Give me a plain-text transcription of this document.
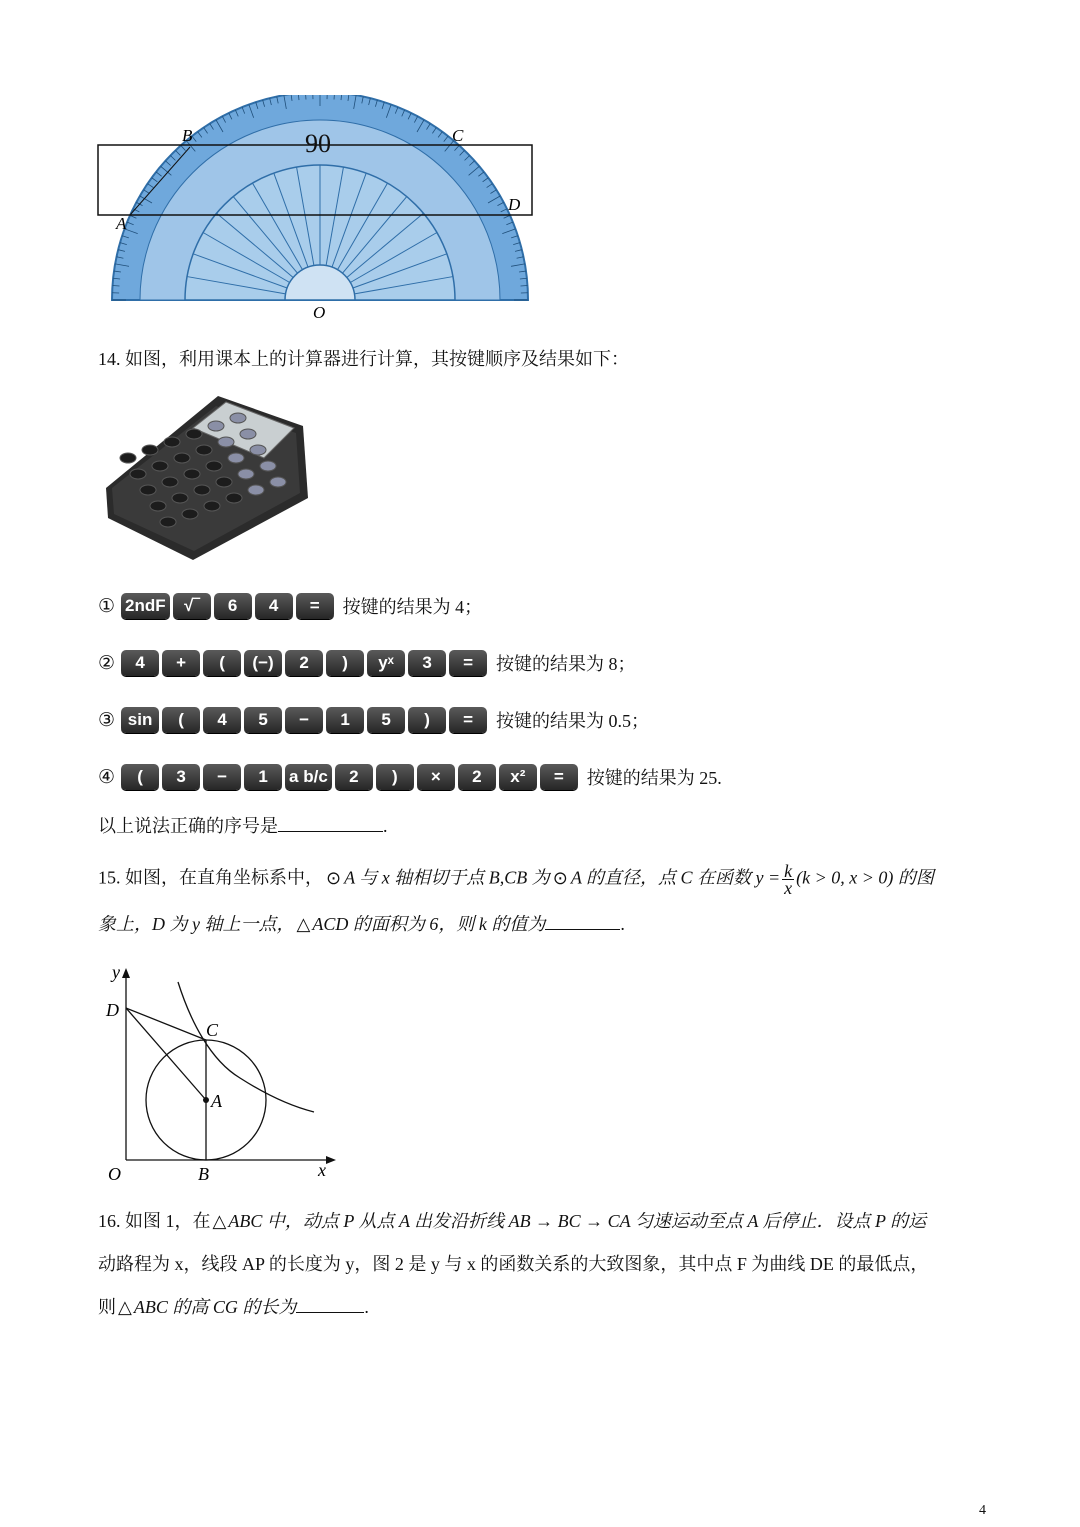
90
B	C
A
D
O
14. 如图，利用课本上的计算器进行计算，其按键顺序及结果如下：
① 2ndF	√‾	6	4	=	按键的结果为 4；
②	4	+	(	(−)	2	)	yˣ	3	=	按键的结果为 8；
③ sin	(	4	5	−	1	5	)	=	按键的结果为 0.5；
④	(	3	−	1	a b/c	2	)	×	2	x²	=	按键的结果为 25.
以上说法正确的序号是	.
15. 如图，在直角坐标系中， ⊙ A 与 x 轴相切于点 B,CB 为 ⊙ A 的直径，点 C 在函数 $y = \frac{k}{x} (k > 0$, x > 0) 的图
象上，D 为 y 轴上一点， △ ACD 的面积为 6，则 k 的值为	.
y
x
O
D
C
A
B
16. 如图 1，在 △ ABC 中，动点 P 从点 A 出发沿折线 AB → BC → CA 匀速运动至点 A 后停止．设点 P 的运
动路程为 x，线段 AP 的长度为 y，图 2 是 y 与 x 的函数关系的大致图象，其中点 F 为曲线 DE 的最低点，
则 △ ABC 的高 CG 的长为	.
4
